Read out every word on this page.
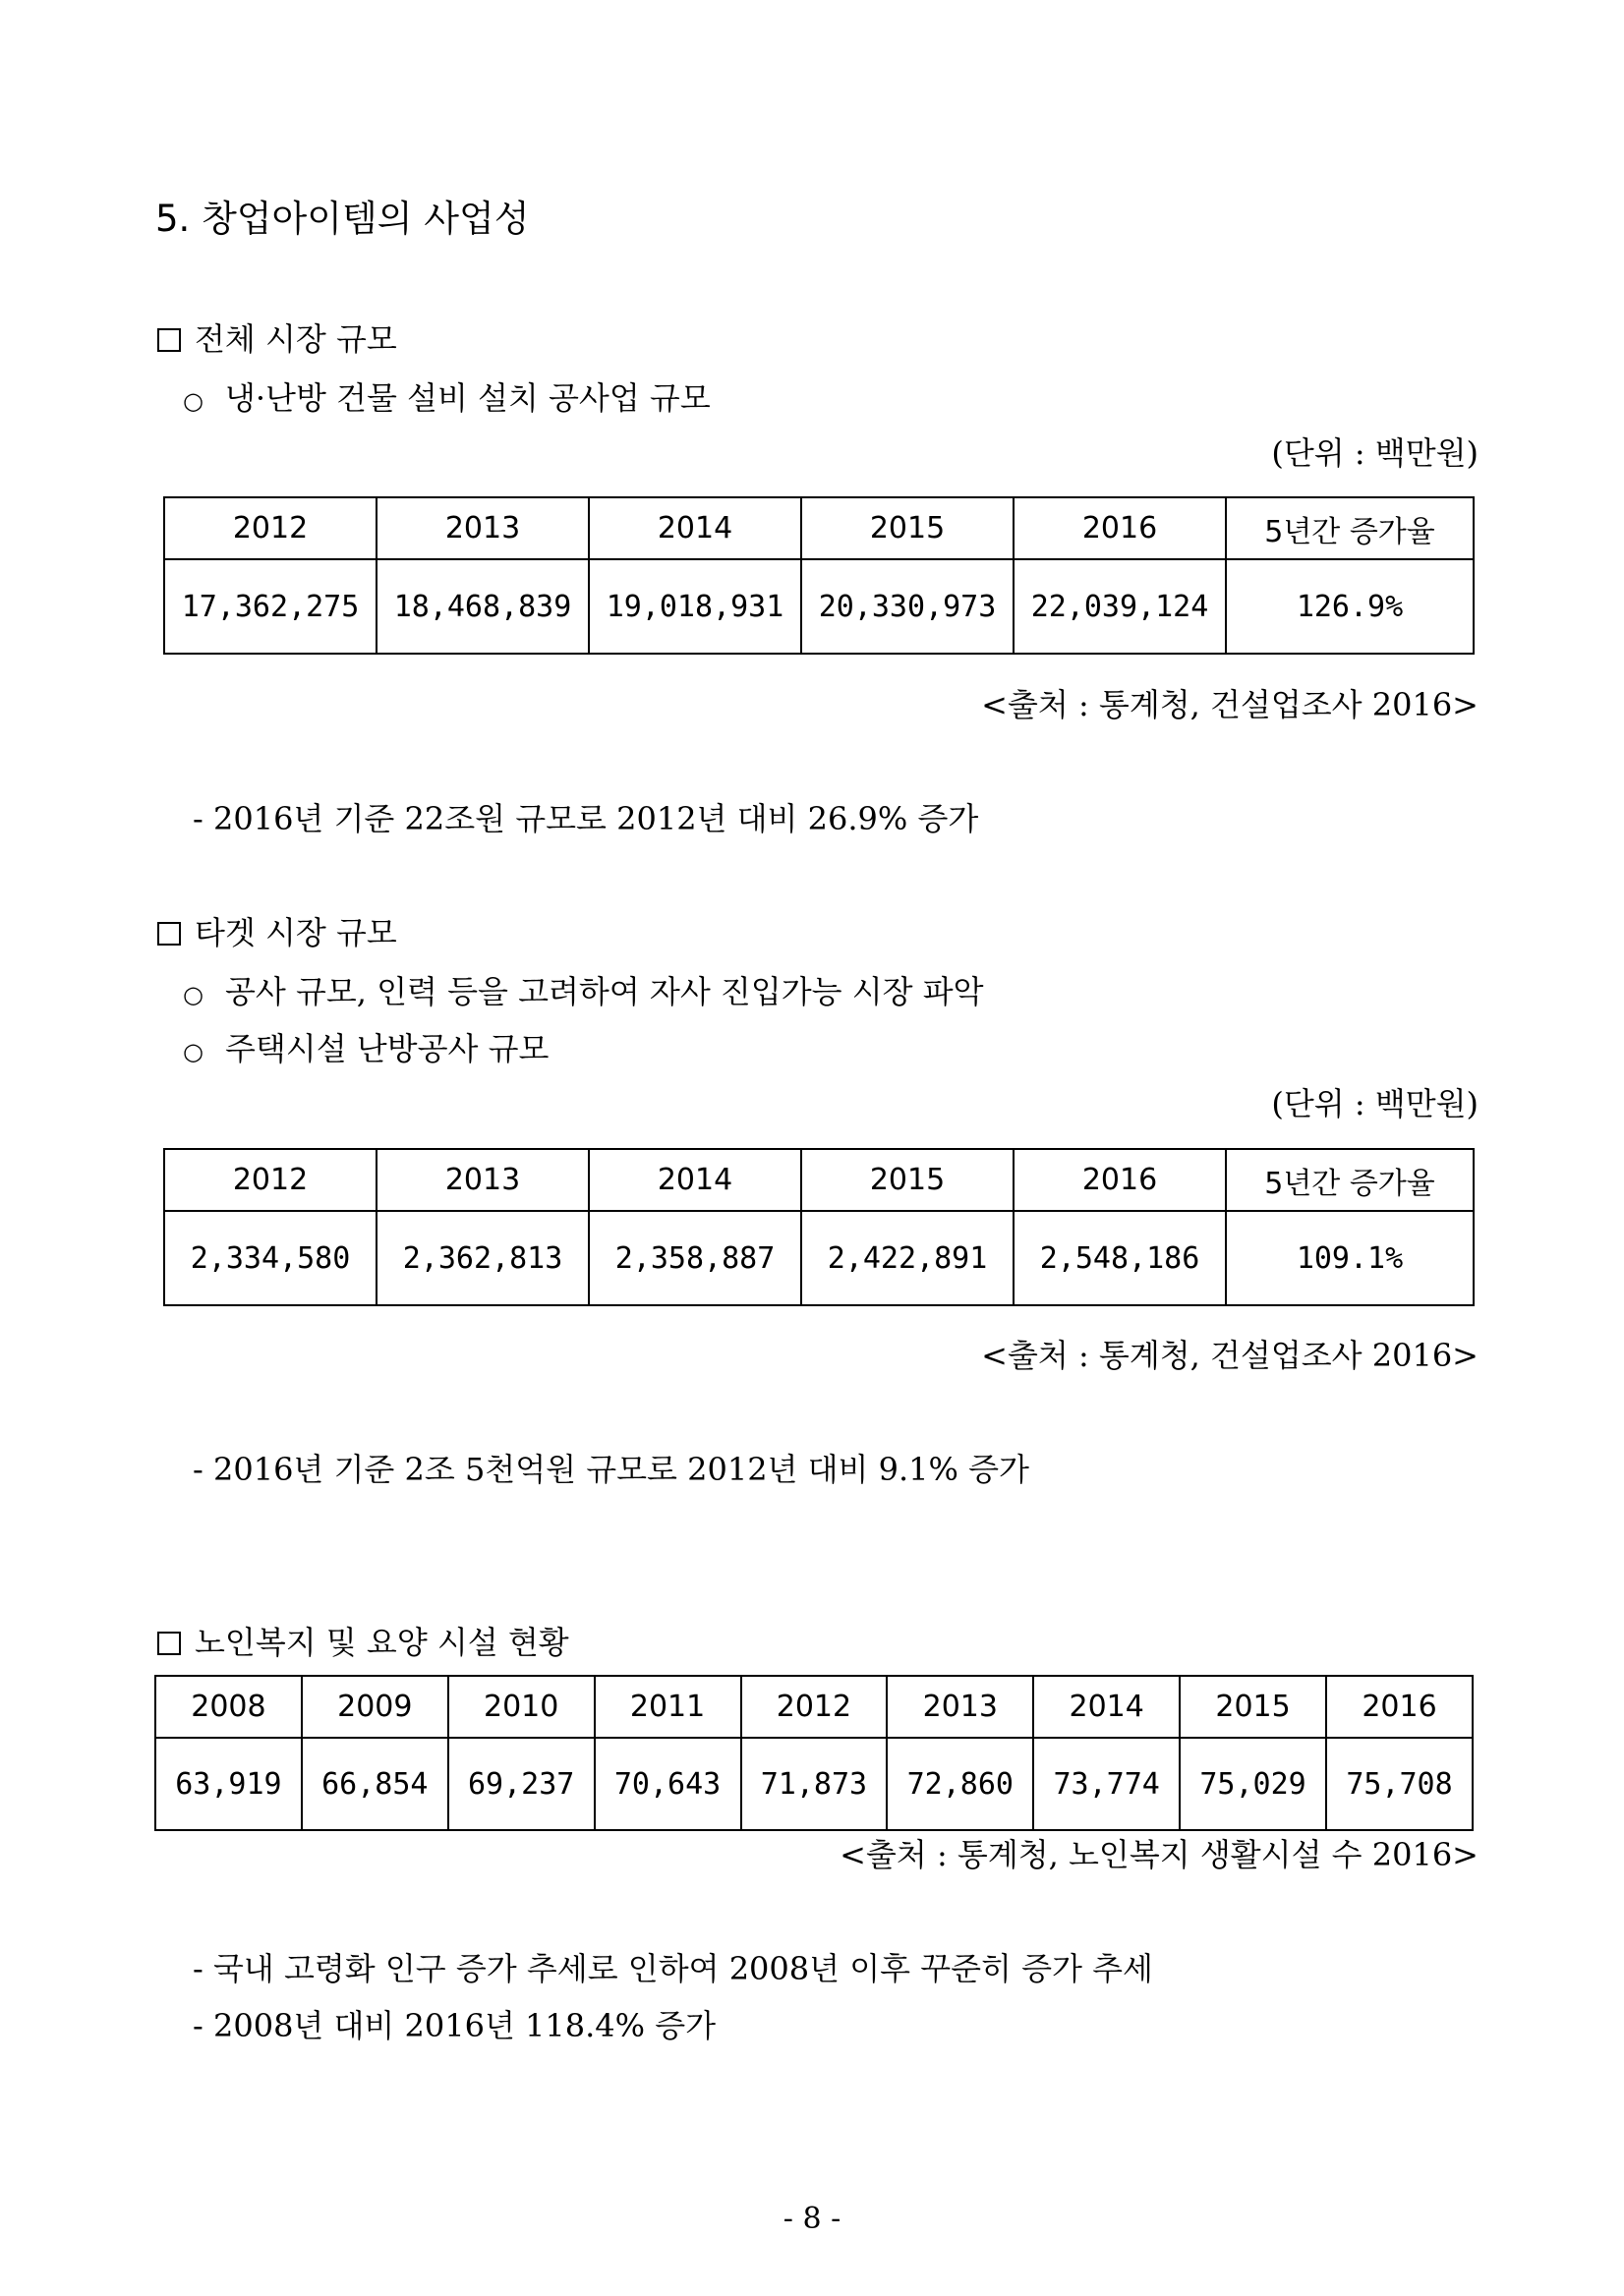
5. 창업아이템의 사업성
전체 시장 규모
○ 냉·난방 건물 설비 설치 공사업 규모
(단위 : 백만원)
2012	2013	2014	2015	2016	5년간 증가율
17,362,275	18,468,839	19,018,931	20,330,973	22,039,124	126.9%
<출처 : 통계청, 건설업조사 2016>
- 2016년 기준 22조원 규모로 2012년 대비 26.9% 증가
타겟 시장 규모
○ 공사 규모, 인력 등을 고려하여 자사 진입가능 시장 파악
○ 주택시설 난방공사 규모
(단위 : 백만원)
2012	2013	2014	2015	2016	5년간 증가율
2,334,580	2,362,813	2,358,887	2,422,891	2,548,186	109.1%
<출처 : 통계청, 건설업조사 2016>
- 2016년 기준 2조 5천억원 규모로 2012년 대비 9.1% 증가
노인복지 및 요양 시설 현황
2008	2009	2010	2011	2012	2013	2014	2015	2016
63,919	66,854	69,237	70,643	71,873	72,860	73,774	75,029	75,708
<출처 : 통계청, 노인복지 생활시설 수 2016>
- 국내 고령화 인구 증가 추세로 인하여 2008년 이후 꾸준히 증가 추세
- 2008년 대비 2016년 118.4% 증가
- 8 -
